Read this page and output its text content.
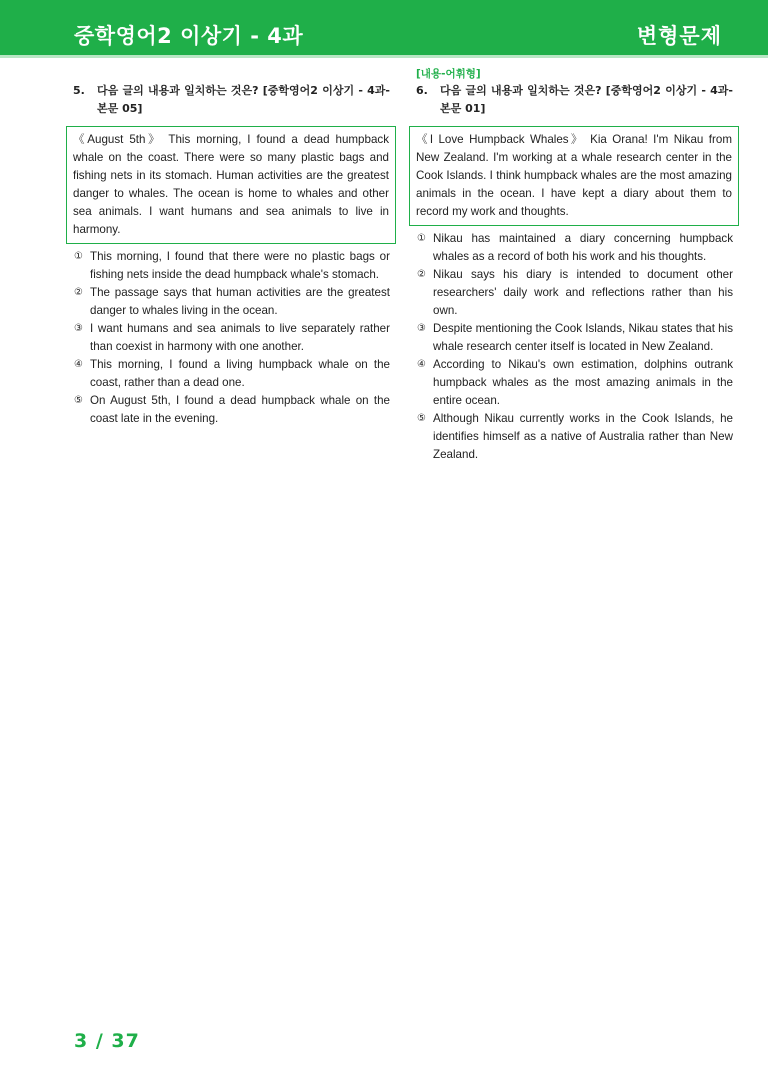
중학영어2 이상기 - 4과	변형문제
5.	다음 글의 내용과 일치하는 것은? [중학영어2 이상기 - 4과-본문 05]
《August 5th》 This morning, I found a dead humpback whale on the coast. There were so many plastic bags and fishing nets in its stomach. Human activities are the greatest danger to whales. The ocean is home to whales and other sea animals. I want humans and sea animals to live in harmony.
① This morning, I found that there were no plastic bags or fishing nets inside the dead humpback whale's stomach.
② The passage says that human activities are the greatest danger to whales living in the ocean.
③ I want humans and sea animals to live separately rather than coexist in harmony with one another.
④ This morning, I found a living humpback whale on the coast, rather than a dead one.
⑤ On August 5th, I found a dead humpback whale on the coast late in the evening.
[내용-어휘형]
6.	다음 글의 내용과 일치하는 것은? [중학영어2 이상기 - 4과-본문 01]
《I Love Humpback Whales》 Kia Orana! I'm Nikau from New Zealand. I'm working at a whale research center in the Cook Islands. I think humpback whales are the most amazing animals in the ocean. I have kept a diary about them to record my work and thoughts.
① Nikau has maintained a diary concerning humpback whales as a record of both his work and his thoughts.
② Nikau says his diary is intended to document other researchers' daily work and reflections rather than his own.
③ Despite mentioning the Cook Islands, Nikau states that his whale research center itself is located in New Zealand.
④ According to Nikau's own estimation, dolphins outrank humpback whales as the most amazing animals in the entire ocean.
⑤ Although Nikau currently works in the Cook Islands, he identifies himself as a native of Australia rather than New Zealand.
3 / 37
